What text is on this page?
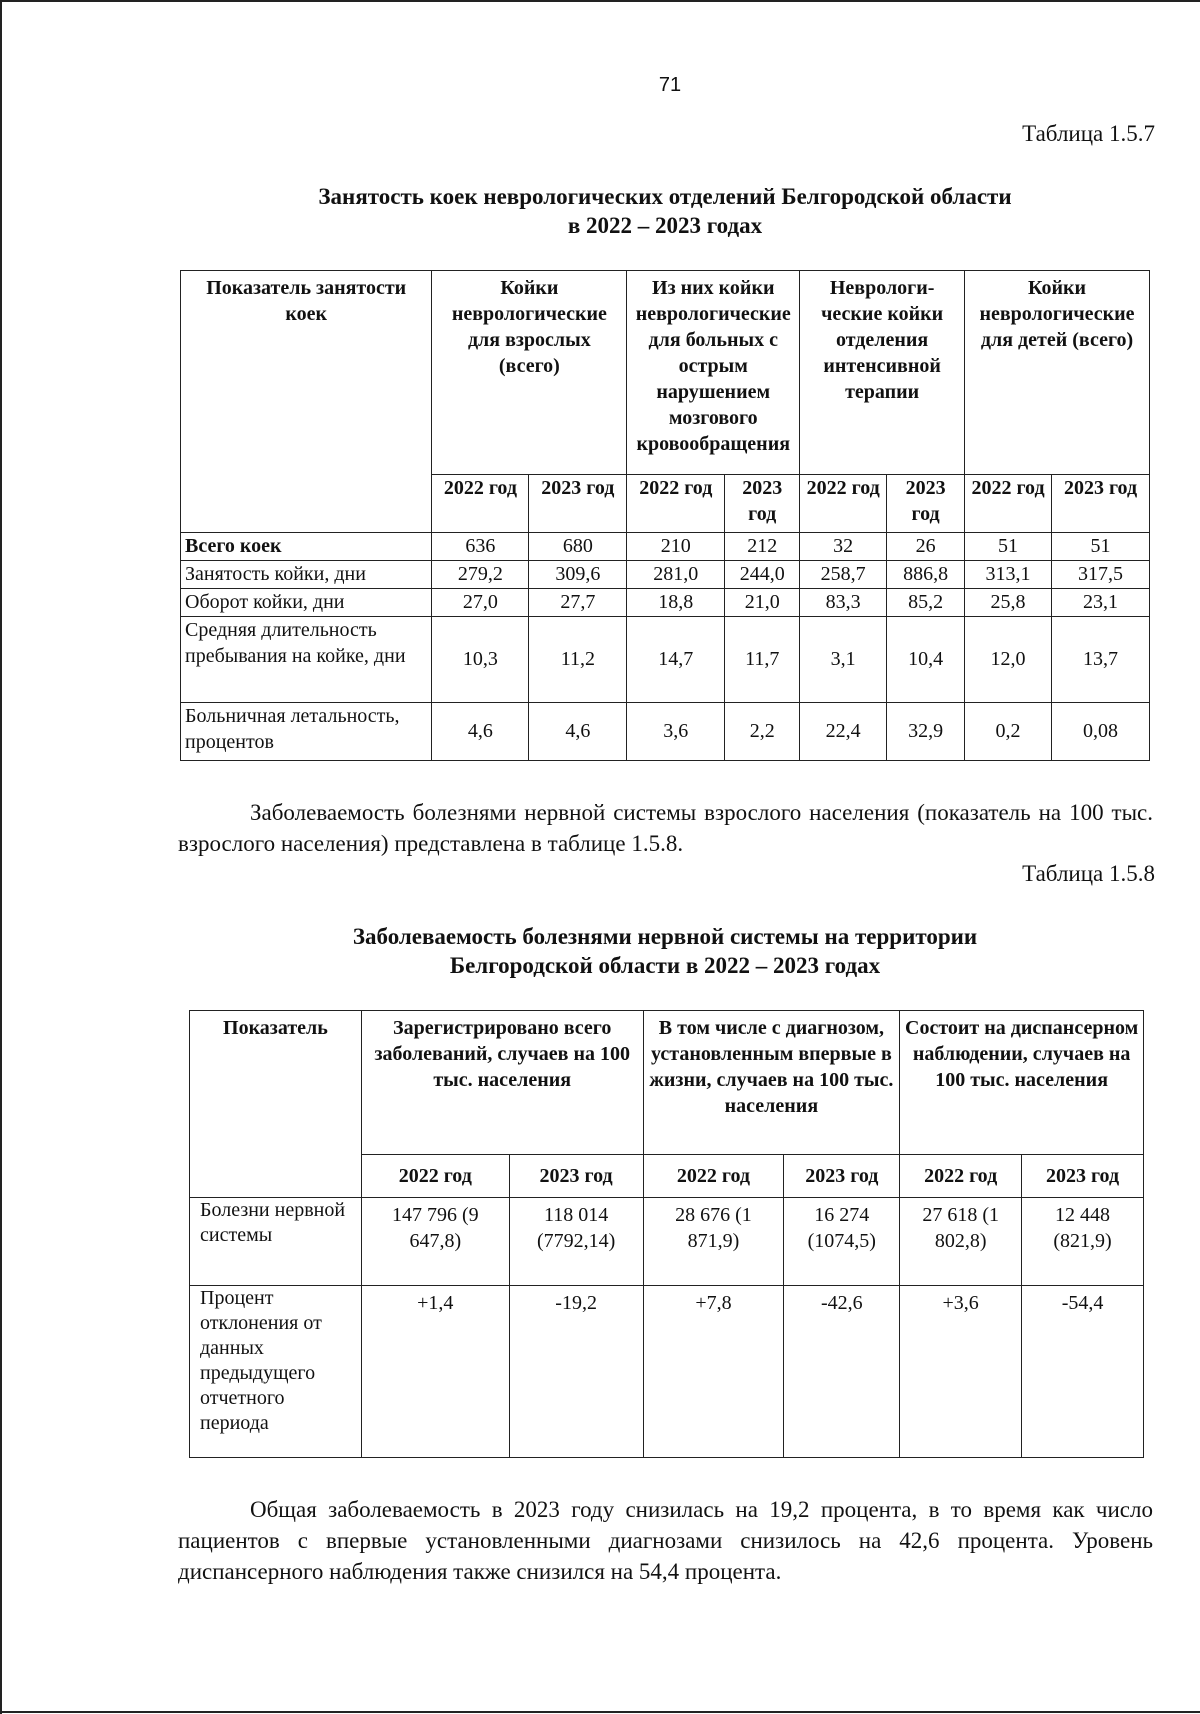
71
Таблица 1.5.7
Занятость коек неврологических отделений Белгородской области
в 2022 – 2023 годах
Показатель занятости коек	Койки неврологические для взрослых (всего)		Из них койки неврологические для больных с острым нарушением мозгового кровообращения		Неврологи-ческие койки отделения интенсивной терапии		Койки неврологические для детей (всего)	
	2022 год	2023 год	2022 год	2023 год	2022 год	2023 год	2022 год	2023 год
Всего коек	636	680	210	212	32	26	51	51
Занятость койки, дни	279,2	309,6	281,0	244,0	258,7	886,8	313,1	317,5
Оборот койки, дни	27,0	27,7	18,8	21,0	83,3	85,2	25,8	23,1
Средняя длительность пребывания на койке, дни	10,3	11,2	14,7	11,7	3,1	10,4	12,0	13,7
Больничная летальность, процентов	4,6	4,6	3,6	2,2	22,4	32,9	0,2	0,08
Заболеваемость болезнями нервной системы взрослого населения (показатель на 100 тыс. взрослого населения) представлена в таблице 1.5.8.
Таблица 1.5.8
Заболеваемость болезнями нервной системы на территории
Белгородской области в 2022 – 2023 годах
Показатель	Зарегистрировано всего заболеваний, случаев на 100 тыс. населения		В том числе с диагнозом, установленным впервые в жизни, случаев на 100 тыс. населения		Состоит на диспансерном наблюдении, случаев на 100 тыс. населения	
	2022 год	2023 год	2022 год	2023 год	2022 год	2023 год
Болезни нервной системы	147 796 (9 647,8)	118 014 (7792,14)	28 676 (1 871,9)	16 274 (1074,5)	27 618 (1 802,8)	12 448 (821,9)
Процент отклонения от данных предыдущего отчетного периода	+1,4	-19,2	+7,8	-42,6	+3,6	-54,4
Общая заболеваемость в 2023 году снизилась на 19,2 процента, в то время как число пациентов с впервые установленными диагнозами снизилось на 42,6 процента. Уровень диспансерного наблюдения также снизился на 54,4 процента.
